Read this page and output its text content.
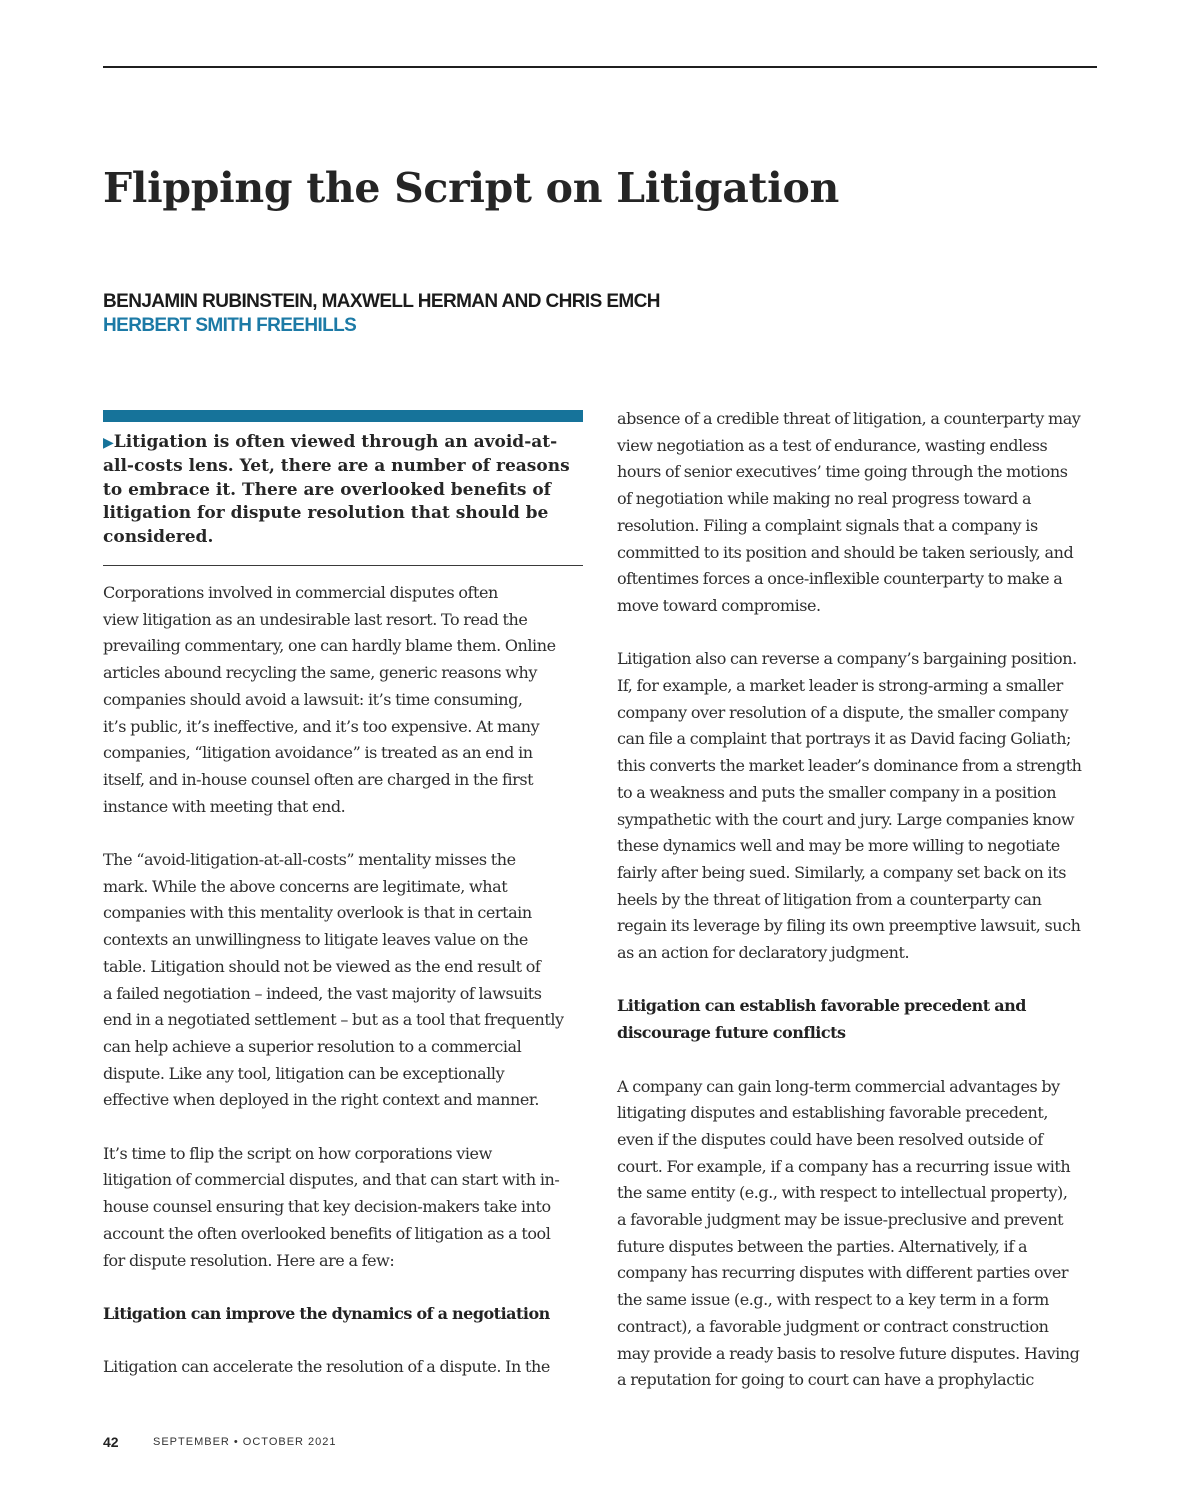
Flipping the Script on Litigation

BENJAMIN RUBINSTEIN, MAXWELL HERMAN AND CHRIS EMCH

HERBERT SMITH FREEHILLS

▶Litigation is often viewed through an avoid-at-all-costs lens. Yet, there are a number of reasons to embrace it. There are overlooked benefits of litigation for dispute resolution that should be considered.

Corporations involved in commercial disputes often
view litigation as an undesirable last resort. To read the
prevailing commentary, one can hardly blame them. Online
articles abound recycling the same, generic reasons why
companies should avoid a lawsuit: it’s time consuming,
it’s public, it’s ineffective, and it’s too expensive. At many
companies, “litigation avoidance” is treated as an end in
itself, and in-house counsel often are charged in the first
instance with meeting that end.

The “avoid-litigation-at-all-costs” mentality misses the
mark. While the above concerns are legitimate, what
companies with this mentality overlook is that in certain
contexts an unwillingness to litigate leaves value on the
table. Litigation should not be viewed as the end result of
a failed negotiation – indeed, the vast majority of lawsuits
end in a negotiated settlement – but as a tool that frequently
can help achieve a superior resolution to a commercial
dispute. Like any tool, litigation can be exceptionally
effective when deployed in the right context and manner.

It’s time to flip the script on how corporations view
litigation of commercial disputes, and that can start with in-
house counsel ensuring that key decision-makers take into
account the often overlooked benefits of litigation as a tool
for dispute resolution. Here are a few:

Litigation can improve the dynamics of a negotiation

Litigation can accelerate the resolution of a dispute. In the

absence of a credible threat of litigation, a counterparty may
view negotiation as a test of endurance, wasting endless
hours of senior executives’ time going through the motions
of negotiation while making no real progress toward a
resolution. Filing a complaint signals that a company is
committed to its position and should be taken seriously, and
oftentimes forces a once-inflexible counterparty to make a
move toward compromise.

Litigation also can reverse a company’s bargaining position.
If, for example, a market leader is strong-arming a smaller
company over resolution of a dispute, the smaller company
can file a complaint that portrays it as David facing Goliath;
this converts the market leader’s dominance from a strength
to a weakness and puts the smaller company in a position
sympathetic with the court and jury. Large companies know
these dynamics well and may be more willing to negotiate
fairly after being sued. Similarly, a company set back on its
heels by the threat of litigation from a counterparty can
regain its leverage by filing its own preemptive lawsuit, such
as an action for declaratory judgment.

Litigation can establish favorable precedent and
discourage future conflicts

A company can gain long-term commercial advantages by
litigating disputes and establishing favorable precedent,
even if the disputes could have been resolved outside of
court. For example, if a company has a recurring issue with
the same entity (e.g., with respect to intellectual property),
a favorable judgment may be issue-preclusive and prevent
future disputes between the parties. Alternatively, if a
company has recurring disputes with different parties over
the same issue (e.g., with respect to a key term in a form
contract), a favorable judgment or contract construction
may provide a ready basis to resolve future disputes. Having
a reputation for going to court can have a prophylactic

42	SEPTEMBER • OCTOBER 2021
